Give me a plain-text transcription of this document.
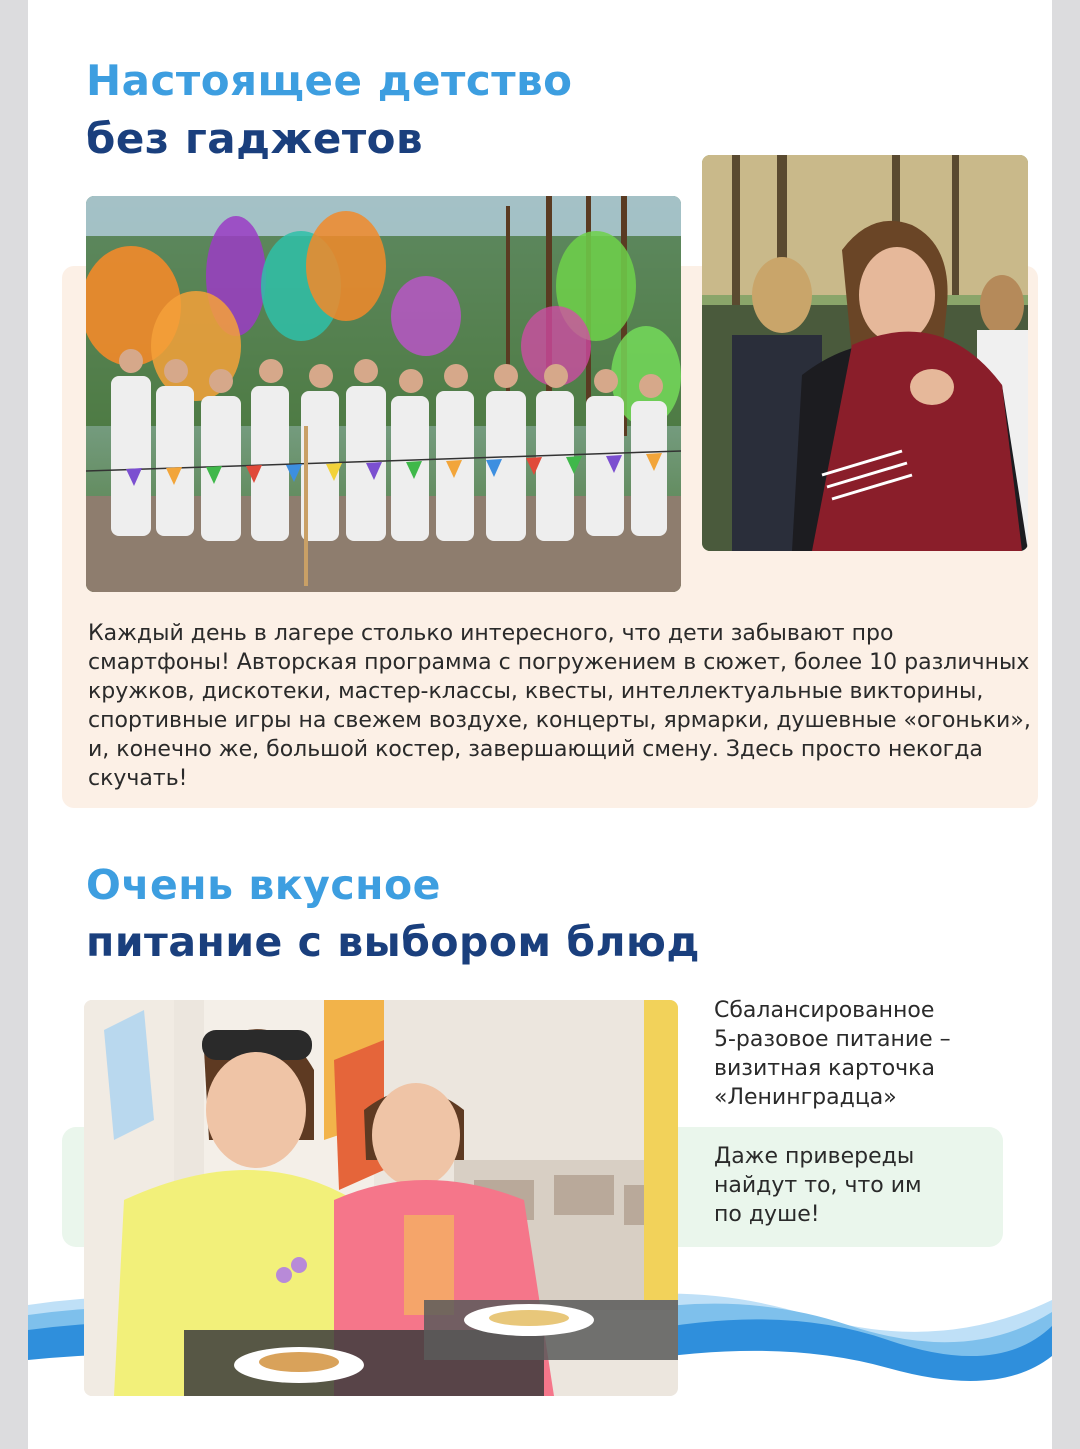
Настоящее детство
без гаджетов

Каждый день в лагере столько интересного, что дети забывают про смартфоны! Авторская программа с погружением в сюжет, более 10 различных кружков, дискотеки, мастер-классы, квесты, интеллектуальные викторины, спортивные игры на свежем воздухе, концерты, ярмарки, душевные «огоньки», и, конечно же, большой костер, завершающий смену. Здесь просто некогда скучать!

Очень вкусное
питание с выбором блюд

Сбалансированное
5-разовое питание –
визитная карточка
«Ленинградца»

Даже привереды
найдут то, что им
по душе!
